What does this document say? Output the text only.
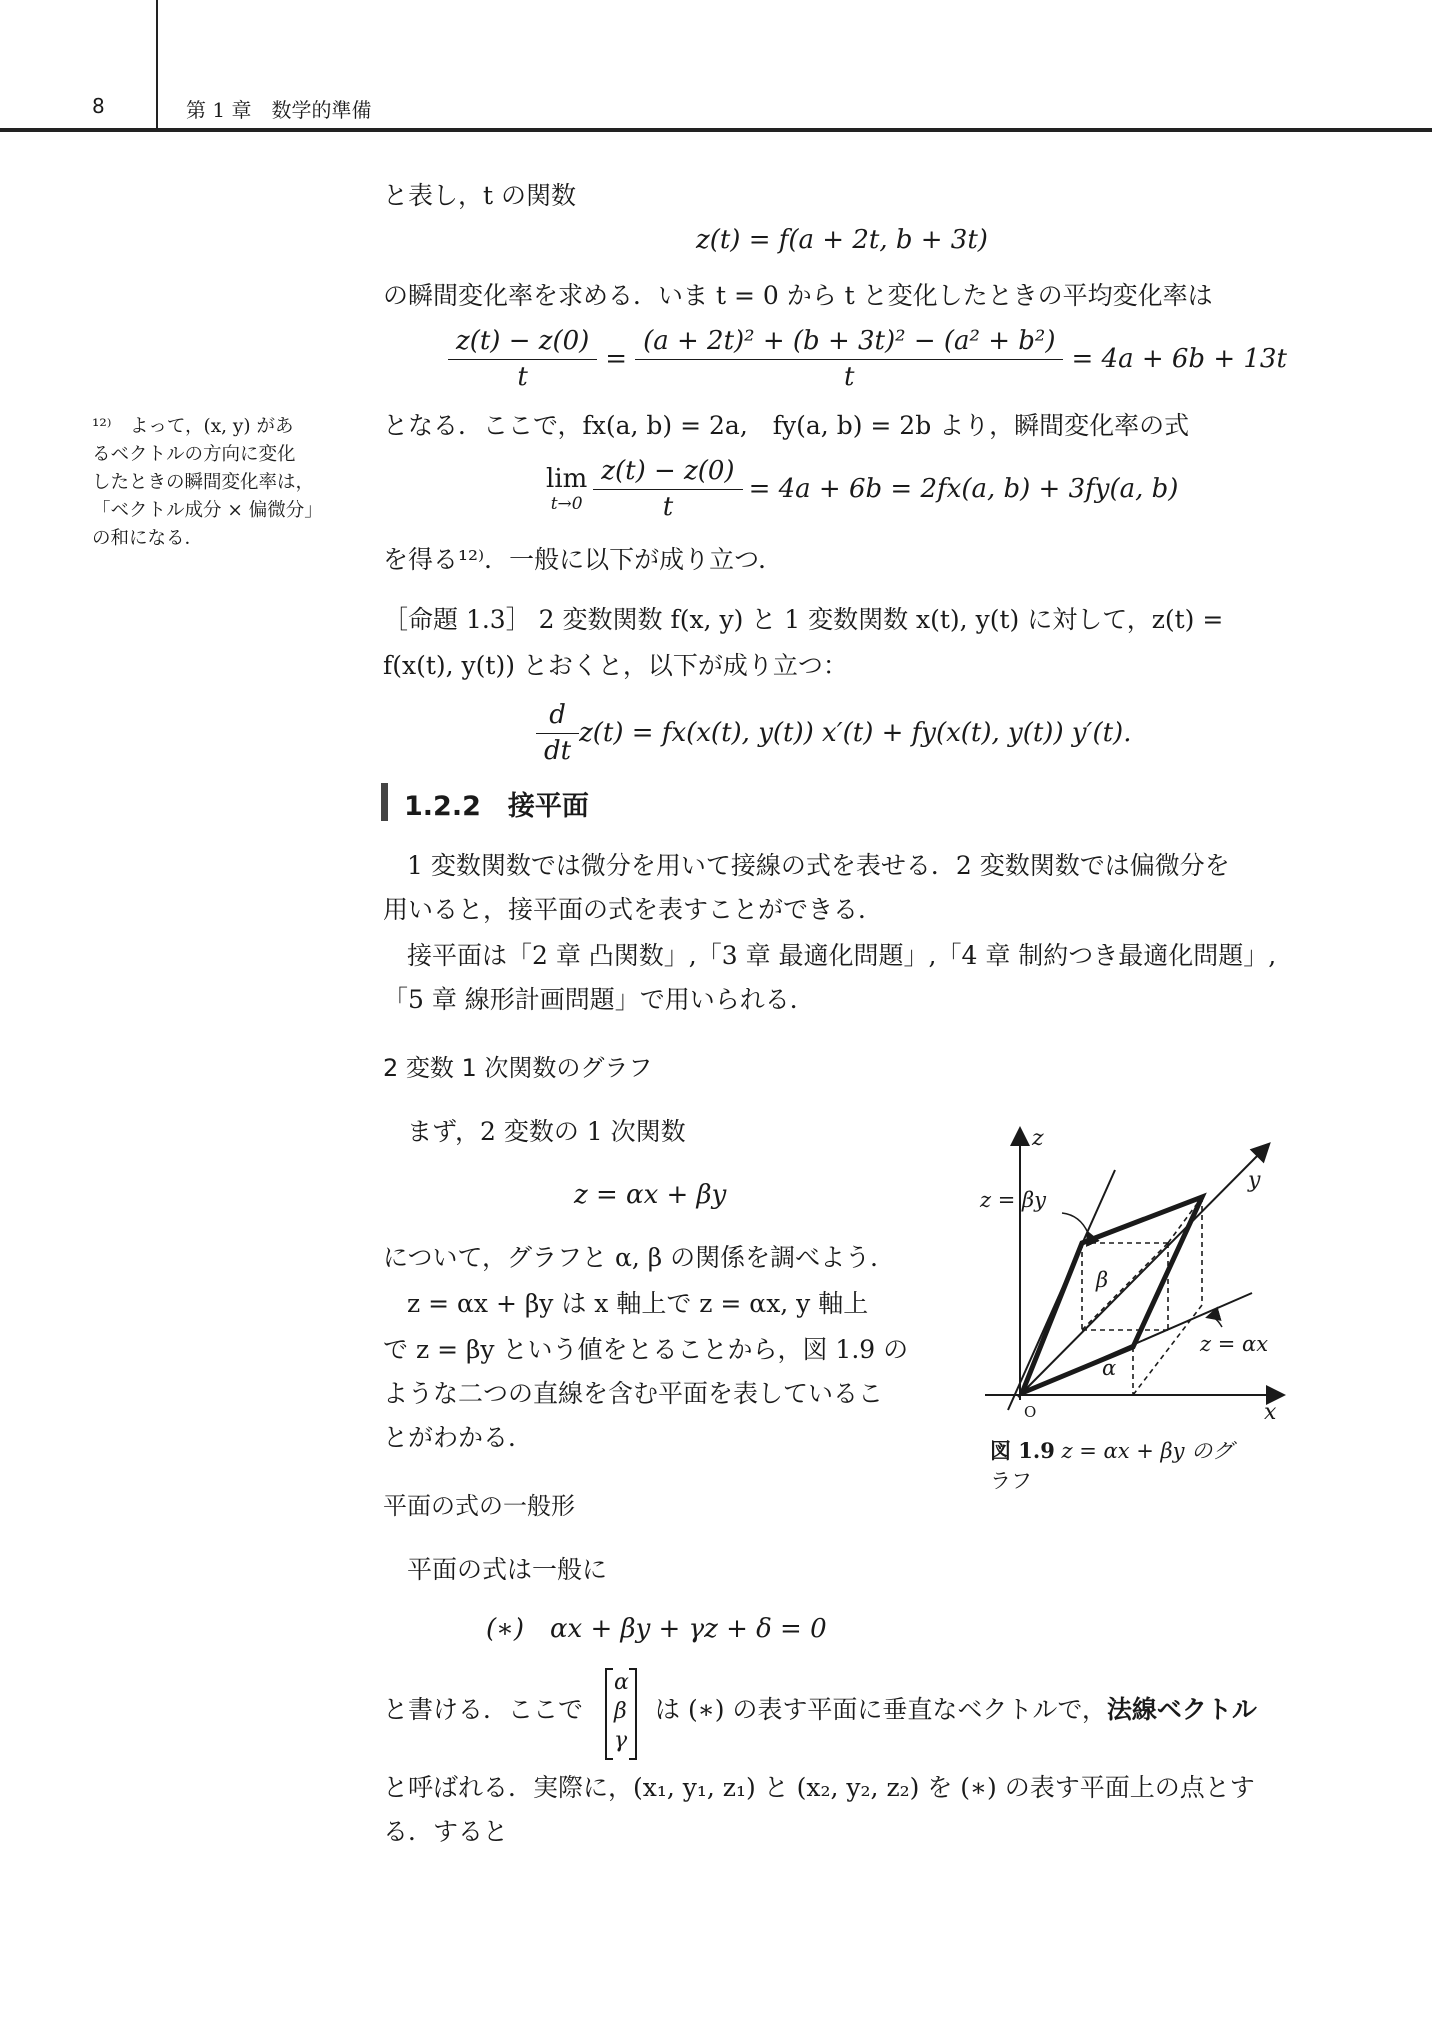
8	第 1 章　数学的準備
¹²⁾　よって，(x, y) があ
るベクトルの方向に変化
したときの瞬間変化率は，
「ベクトル成分 × 偏微分」
の和になる．
と表し，t の関数
z(t) = f(a + 2t, b + 3t)
の瞬間変化率を求める．いま t = 0 から t と変化したときの平均変化率は
$\frac{z(t) - z(0)}{t} = \frac{\text{(a + 2t)² + (b + 3t)² − (a² + b²)}}{t} = 4a + 6b + 13t$
となる．ここで，fx(a, b) = 2a,　fy(a, b) = 2b より，瞬間変化率の式
lim
$t\to 0 \frac{z(t) - z(0)}{t} = 4a + 6b = 2fx(a$, b) + 3fy(a, b)
を得る¹²⁾．一般に以下が成り立つ．
［命題 1.3］ 2 変数関数 f(x, y) と 1 変数関数 x(t), y(t) に対して，z(t) =
f(x(t), y(t)) とおくと，以下が成り立つ：
$\frac{d}{dt} z(t) = fx(x(t)$, y(t)) x′(t) + fy(x(t), y(t)) y′(t).
1.2.2　接平面
1 変数関数では微分を用いて接線の式を表せる．2 変数関数では偏微分を
用いると，接平面の式を表すことができる．
接平面は「2 章 凸関数」,「3 章 最適化問題」,「4 章 制約つき最適化問題」,
「5 章 線形計画問題」で用いられる．
2 変数 1 次関数のグラフ
まず，2 変数の 1 次関数
z = αx + βy
について，グラフと α, β の関係を調べよう．
z = αx + βy は x 軸上で z = αx, y 軸上
で z = βy という値をとることから，図 1.9 の
ような二つの直線を含む平面を表しているこ
とがわかる．
平面の式の一般形
平面の式は一般に
(∗) αx + βy + γz + δ = 0
と書ける．ここで
α
β
γ
は (∗) の表す平面に垂直なベクトルで，法線ベクトル
と呼ばれる．実際に，(x₁, y₁, z₁) と (x₂, y₂, z₂) を (∗) の表す平面上の点とす
る．すると
z
y
x
O
z = βy
z = αx
β
α
図 1.9 z = αx + βy のグ
ラフ
